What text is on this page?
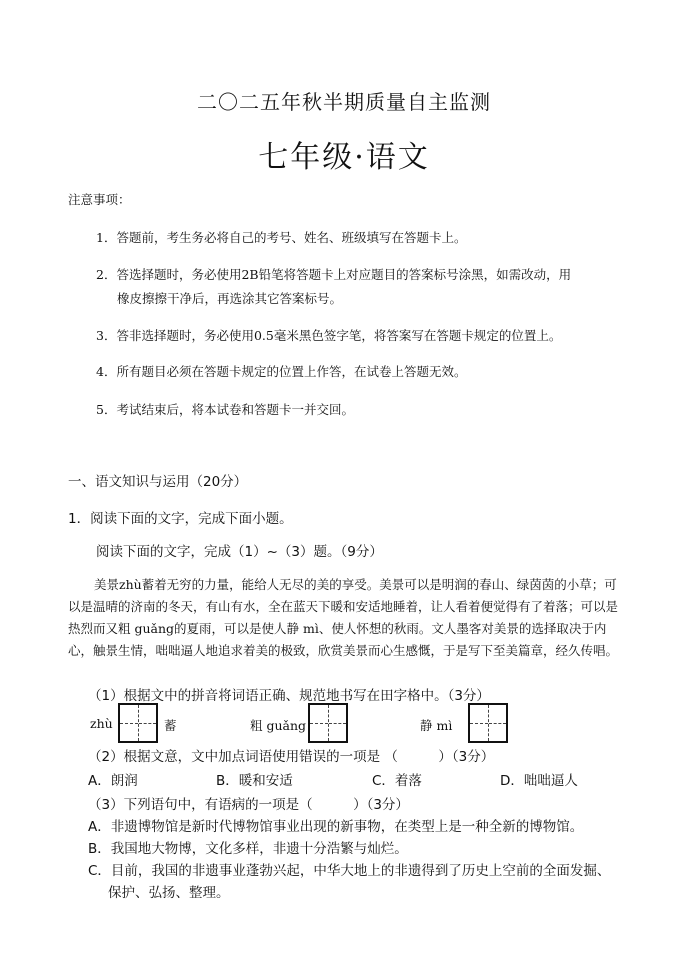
二〇二五年秋半期质量自主监测
七年级·语文
注意事项：
1．答题前，考生务必将自己的考号、姓名、班级填写在答题卡上。
2．答选择题时，务必使用2B铅笔将答题卡上对应题目的答案标号涂黑，如需改动，用
橡皮擦擦干净后，再选涂其它答案标号。
3．答非选择题时，务必使用0.5毫米黑色签字笔，将答案写在答题卡规定的位置上。
4．所有题目必须在答题卡规定的位置上作答，在试卷上答题无效。
5．考试结束后，将本试卷和答题卡一并交回。
一、语文知识与运用（20分）
1．阅读下面的文字，完成下面小题。
阅读下面的文字，完成（1）~（3）题。（9分）
美景zhù蓄着无穷的力量，能给人无尽的美的享受。美景可以是明润的春山、绿茵茵的小草；可以是温晴的济南的冬天，有山有水，全在蓝天下暖和安适地睡着，让人看着便觉得有了着落；可以是热烈而又粗 guǎng的夏雨，可以是使人静 mì、使人怀想的秋雨。文人墨客对美景的选择取决于内心，触景生情，咄咄逼人地追求着美的极致，欣赏美景而心生感慨，于是写下至美篇章，经久传唱。
（1）根据文中的拼音将词语正确、规范地书写在田字格中。（3分）
zhù	蓄	粗 guǎng	静 mì
（2）根据文意，文中加点词语使用错误的一项是 （　　　）（3分）
A．朗润	B．暖和安适	C．着落	D．咄咄逼人
（3）下列语句中，有语病的一项是（　　　）（3分）
A．非遗博物馆是新时代博物馆事业出现的新事物，在类型上是一种全新的博物馆。
B．我国地大物博，文化多样，非遗十分浩繁与灿烂。
C．目前，我国的非遗事业蓬勃兴起，中华大地上的非遗得到了历史上空前的全面发掘、
保护、弘扬、整理。
